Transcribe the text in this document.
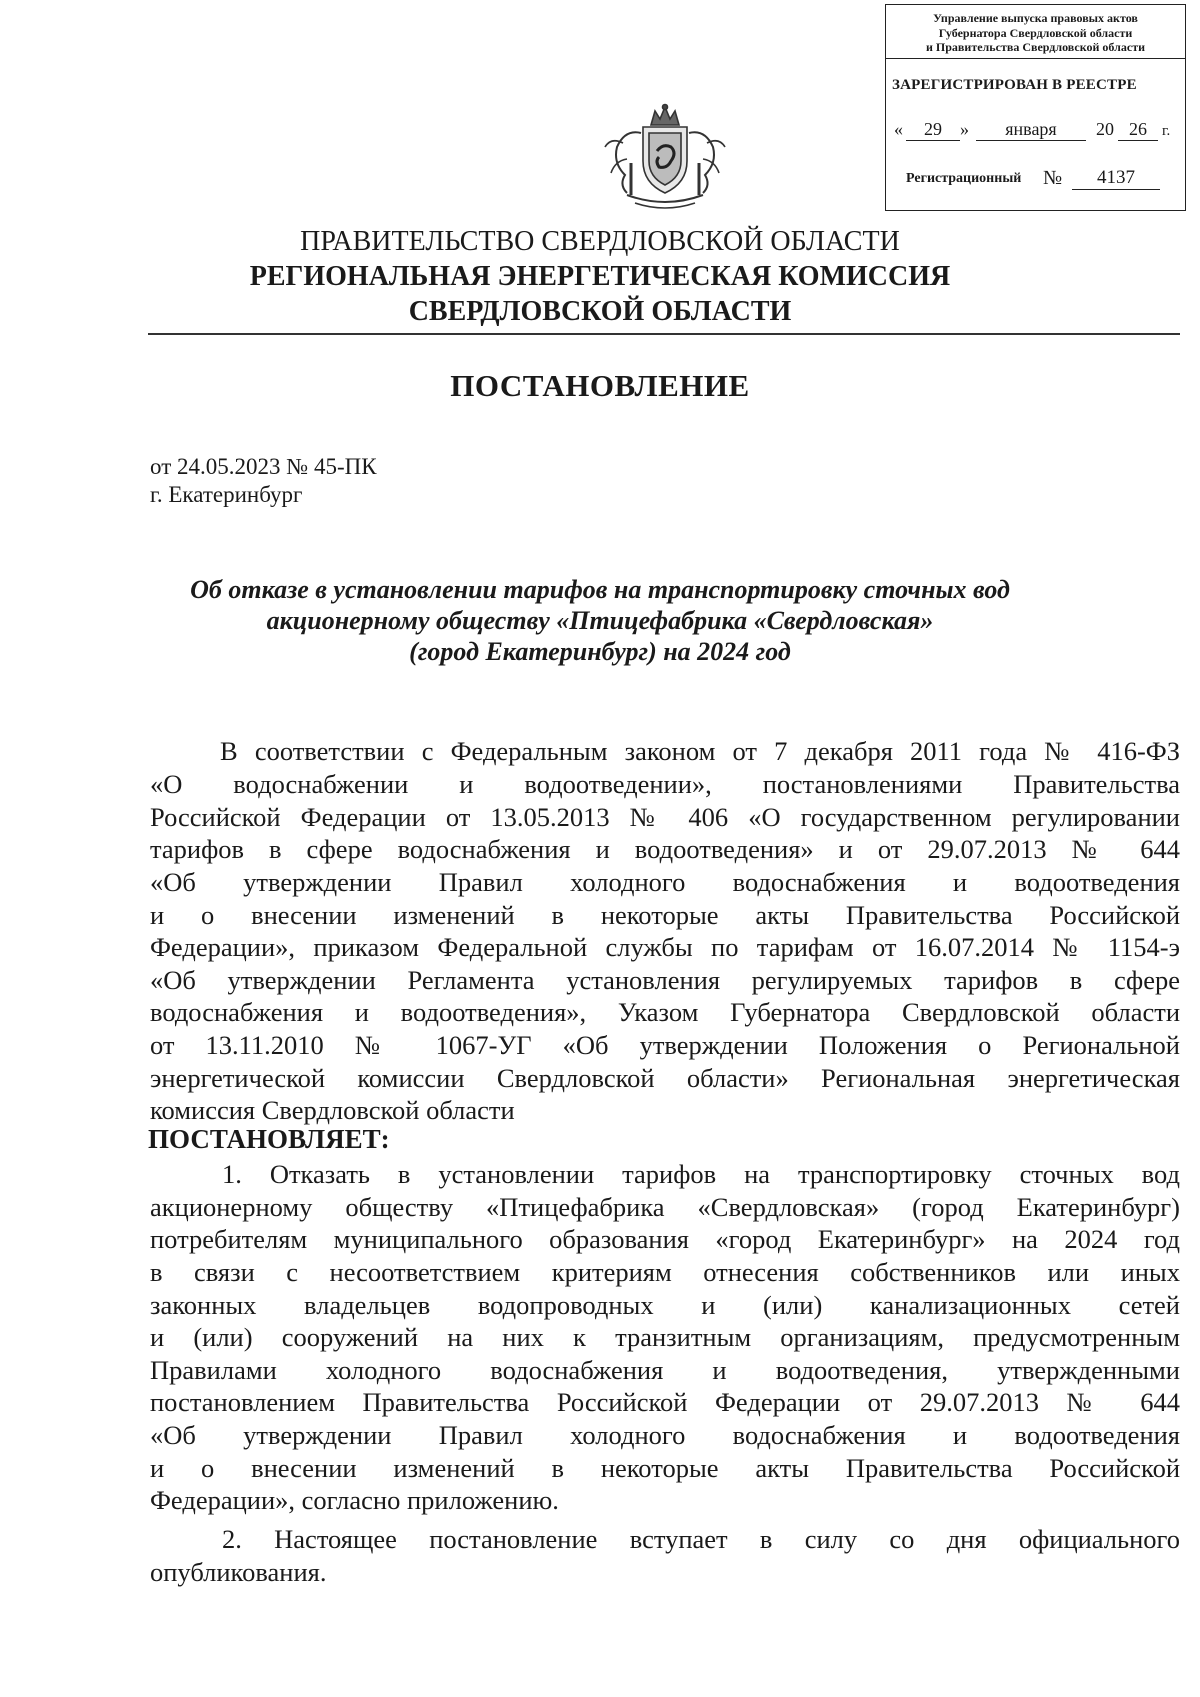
Управление выпуска правовых актов
Губернатора Свердловской области
и Правительства Свердловской области
ЗАРЕГИСТРИРОВАН В РЕЕСТРЕ
«	29	»	января	20 26	г.
Регистрационный №	4137
ПРАВИТЕЛЬСТВО СВЕРДЛОВСКОЙ ОБЛАСТИ
РЕГИОНАЛЬНАЯ ЭНЕРГЕТИЧЕСКАЯ КОМИССИЯ
СВЕРДЛОВСКОЙ ОБЛАСТИ
ПОСТАНОВЛЕНИЕ
от 24.05.2023 № 45-ПК
г. Екатеринбург
Об отказе в установлении тарифов на транспортировку сточных вод
акционерному обществу «Птицефабрика «Свердловская»
(город Екатеринбург) на 2024 год
В соответствии с Федеральным законом от 7 декабря 2011 года № 416-ФЗ
«О водоснабжении и водоотведении», постановлениями Правительства
Российской Федерации от 13.05.2013 № 406 «О государственном регулировании
тарифов в сфере водоснабжения и водоотведения» и от 29.07.2013 № 644
«Об утверждении Правил холодного водоснабжения и водоотведения
и о внесении изменений в некоторые акты Правительства Российской
Федерации», приказом Федеральной службы по тарифам от 16.07.2014 № 1154-э
«Об утверждении Регламента установления регулируемых тарифов в сфере
водоснабжения и водоотведения», Указом Губернатора Свердловской области
от 13.11.2010 № 1067-УГ «Об утверждении Положения о Региональной
энергетической комиссии Свердловской области» Региональная энергетическая
комиссия Свердловской области
ПОСТАНОВЛЯЕТ:
1. Отказать в установлении тарифов на транспортировку сточных вод
акционерному обществу «Птицефабрика «Свердловская» (город Екатеринбург)
потребителям муниципального образования «город Екатеринбург» на 2024 год
в связи с несоответствием критериям отнесения собственников или иных
законных владельцев водопроводных и (или) канализационных сетей
и (или) сооружений на них к транзитным организациям, предусмотренным
Правилами холодного водоснабжения и водоотведения, утвержденными
постановлением Правительства Российской Федерации от 29.07.2013 № 644
«Об утверждении Правил холодного водоснабжения и водоотведения
и о внесении изменений в некоторые акты Правительства Российской
Федерации», согласно приложению.
2. Настоящее постановление вступает в силу со дня официального
опубликования.
